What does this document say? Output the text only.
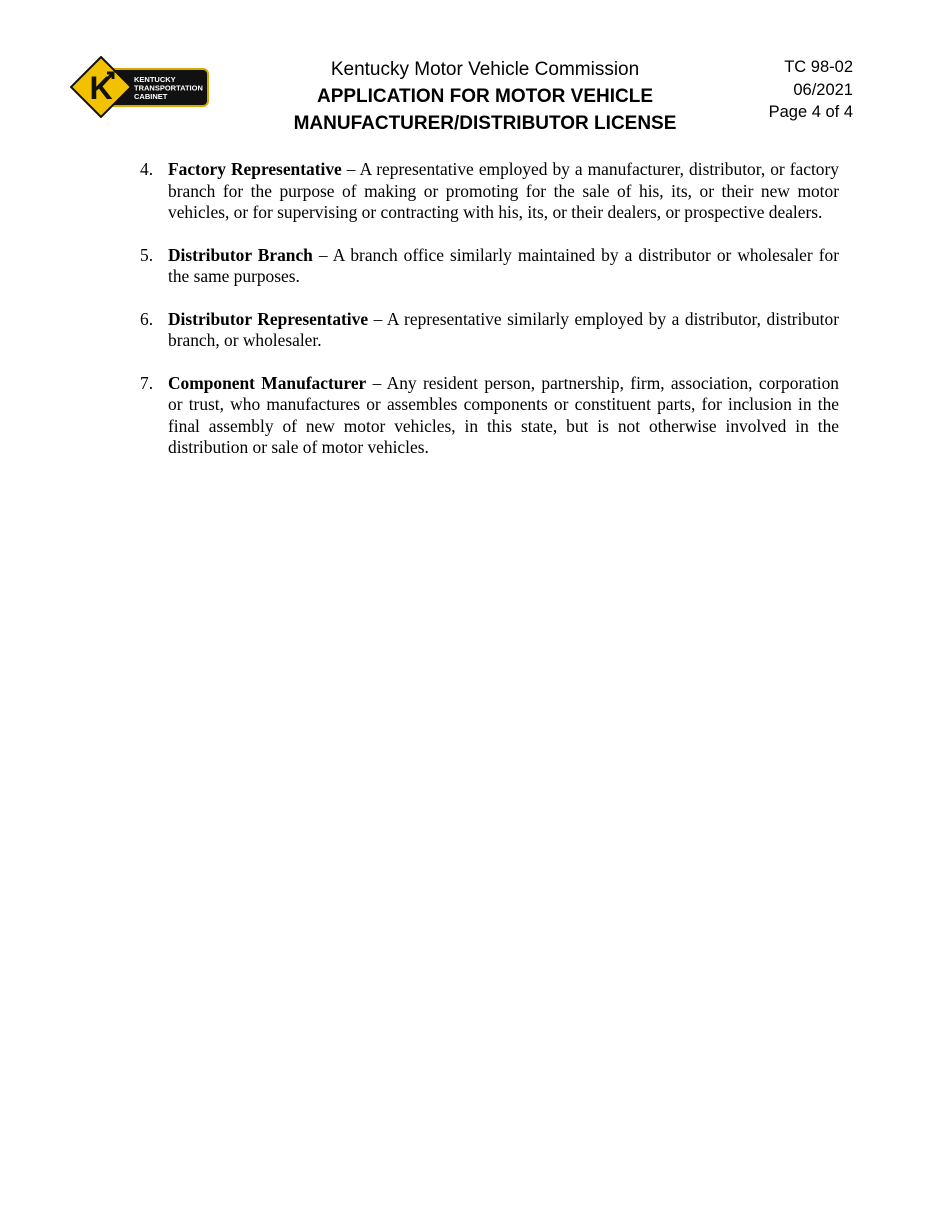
K	KENTUCKY
TRANSPORTATION
CABINET
Kentucky Motor Vehicle Commission
APPLICATION FOR MOTOR VEHICLE
MANUFACTURER/DISTRIBUTOR LICENSE
TC 98-02
06/2021
Page 4 of 4
4. Factory Representative – A representative employed by a manufacturer, distributor, or factory branch for the purpose of making or promoting for the sale of his, its, or their new motor vehicles, or for supervising or contracting with his, its, or their dealers, or prospective dealers.
5. Distributor Branch – A branch office similarly maintained by a distributor or wholesaler for the same purposes.
6. Distributor Representative – A representative similarly employed by a distributor, distributor branch, or wholesaler.
7. Component Manufacturer – Any resident person, partnership, firm, association, corporation or trust, who manufactures or assembles components or constituent parts, for inclusion in the final assembly of new motor vehicles, in this state, but is not otherwise involved in the distribution or sale of motor vehicles.
